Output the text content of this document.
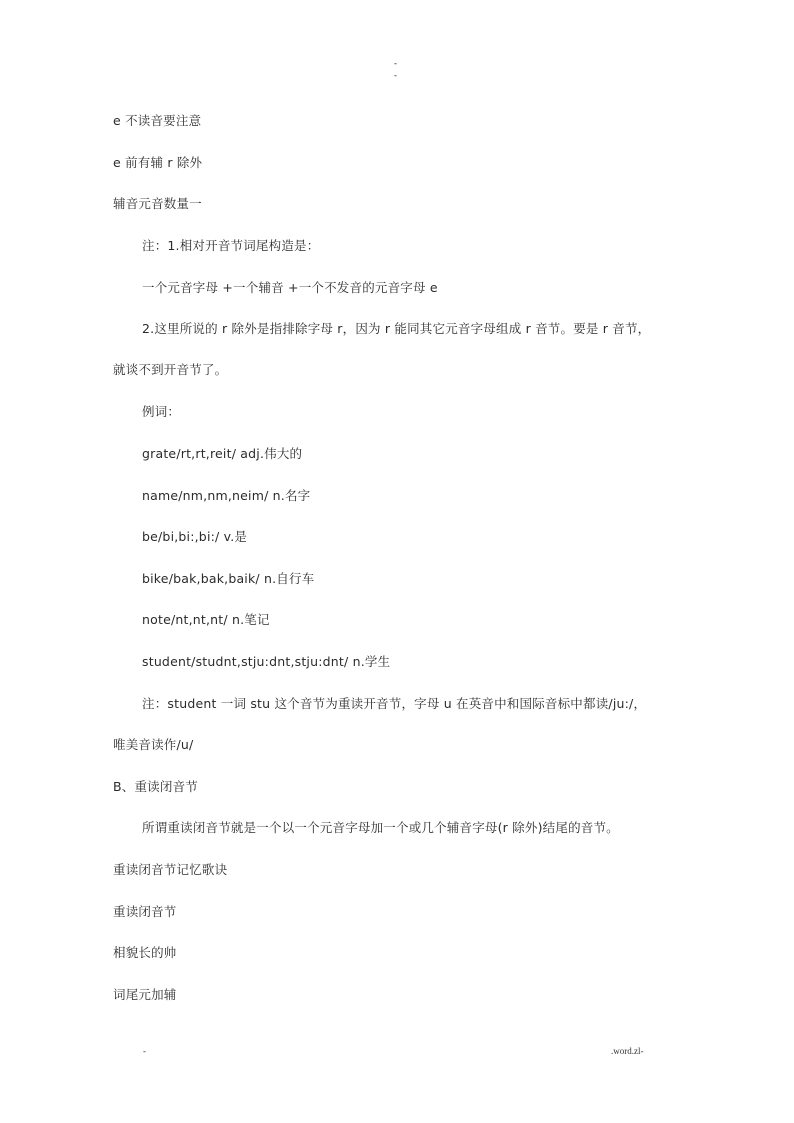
-
-
e 不读音要注意
e 前有辅 r 除外
辅音元音数量一
注：1.相对开音节词尾构造是：
一个元音字母 +一个辅音 +一个不发音的元音字母 e
2.这里所说的 r 除外是指排除字母 r，因为 r 能同其它元音字母组成 r 音节。要是 r 音节，
就谈不到开音节了。
例词：
grate/rt,rt,reit/ adj.伟大的
name/nm,nm,neim/ n.名字
be/bi,bi:,bi:/ v.是
bike/bak,bak,baik/ n.自行车
note/nt,nt,nt/ n.笔记
student/studnt,stju:dnt,stju:dnt/ n.学生
注：student 一词 stu 这个音节为重读开音节，字母 u 在英音中和国际音标中都读/ju:/，
唯美音读作/u/
B、重读闭音节
所谓重读闭音节就是一个以一个元音字母加一个或几个辅音字母(r 除外)结尾的音节。
重读闭音节记忆歌诀
重读闭音节
相貌长的帅
词尾元加辅
-	.word.zl-
